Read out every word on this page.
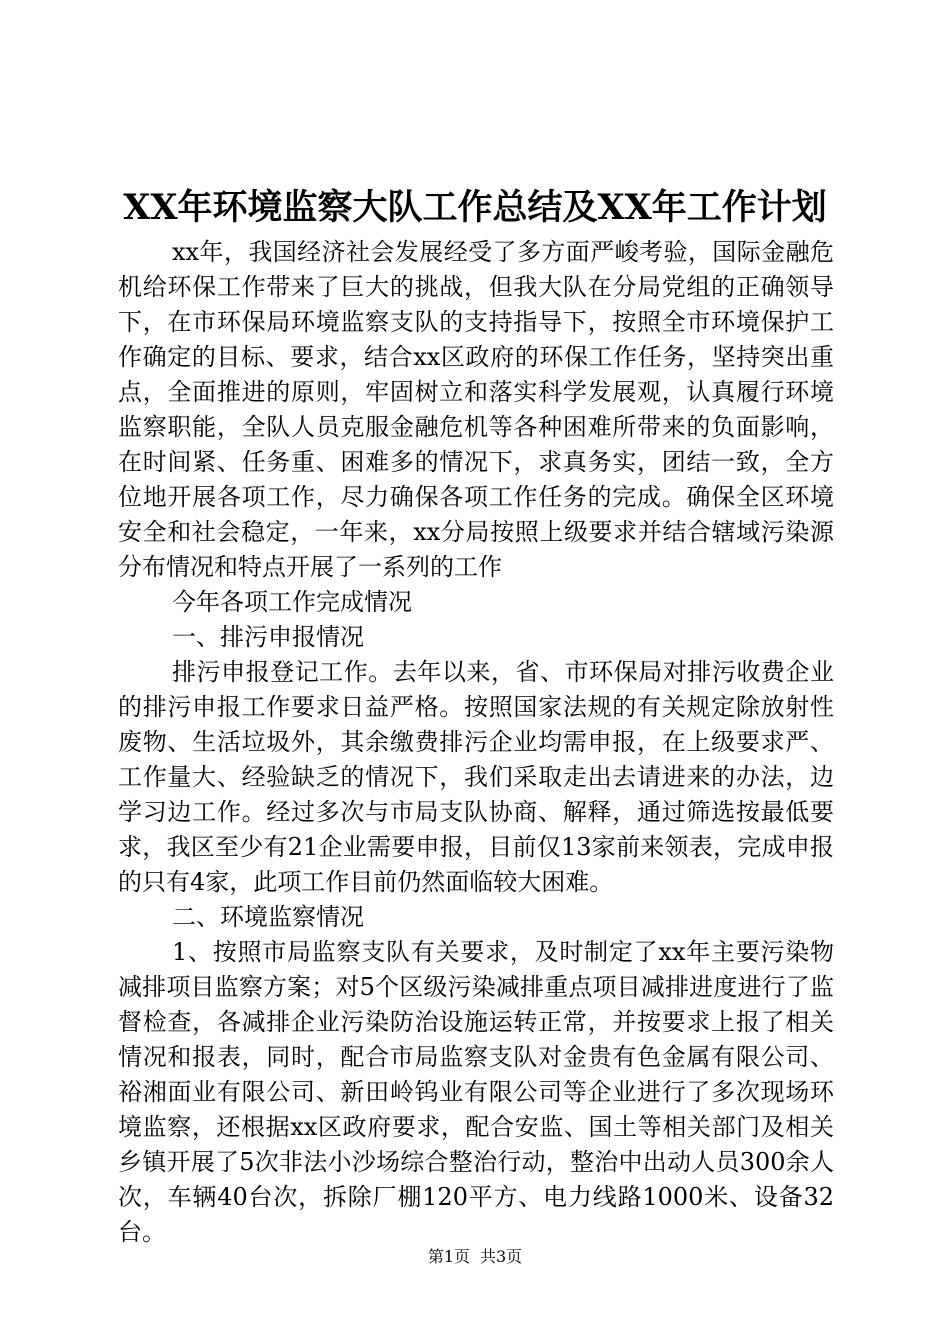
XX年环境监察大队工作总结及XX年工作计划

xx年，我国经济社会发展经受了多方面严峻考验，国际金融危机给环保工作带来了巨大的挑战，但我大队在分局党组的正确领导下，在市环保局环境监察支队的支持指导下，按照全市环境保护工作确定的目标、要求，结合xx区政府的环保工作任务，坚持突出重点，全面推进的原则，牢固树立和落实科学发展观，认真履行环境监察职能，全队人员克服金融危机等各种困难所带来的负面影响，在时间紧、任务重、困难多的情况下，求真务实，团结一致，全方位地开展各项工作，尽力确保各项工作任务的完成。确保全区环境安全和社会稳定，一年来，xx分局按照上级要求并结合辖域污染源分布情况和特点开展了一系列的工作

今年各项工作完成情况

一、排污申报情况

排污申报登记工作。去年以来，省、市环保局对排污收费企业的排污申报工作要求日益严格。按照国家法规的有关规定除放射性废物、生活垃圾外，其余缴费排污企业均需申报，在上级要求严、工作量大、经验缺乏的情况下，我们采取走出去请进来的办法，边学习边工作。经过多次与市局支队协商、解释，通过筛选按最低要求，我区至少有21企业需要申报，目前仅13家前来领表，完成申报的只有4家，此项工作目前仍然面临较大困难。

二、环境监察情况

1、按照市局监察支队有关要求，及时制定了xx年主要污染物减排项目监察方案；对5个区级污染减排重点项目减排进度进行了监督检查，各减排企业污染防治设施运转正常，并按要求上报了相关情况和报表，同时，配合市局监察支队对金贵有色金属有限公司、裕湘面业有限公司、新田岭钨业有限公司等企业进行了多次现场环境监察，还根据xx区政府要求，配合安监、国土等相关部门及相关乡镇开展了5次非法小沙场综合整治行动，整治中出动人员300余人次，车辆40台次，拆除厂棚120平方、电力线路1000米、设备32台。

第1页 共3页
